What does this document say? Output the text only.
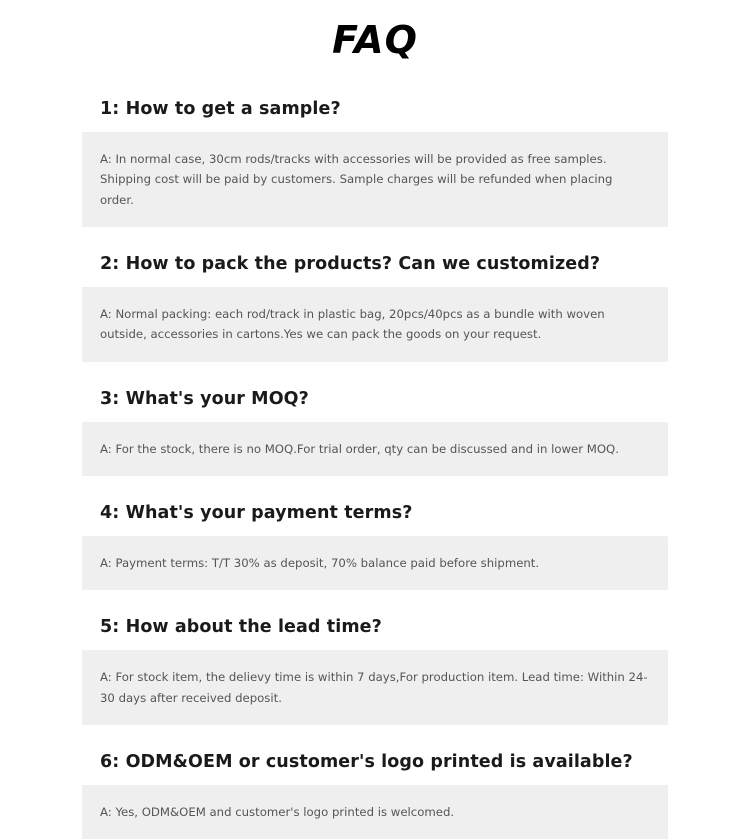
FAQ
1: How to get a sample?

A: In normal case, 30cm rods/tracks with accessories will be provided as free samples. Shipping cost will be paid by customers. Sample charges will be refunded when placing order.

2: How to pack the products? Can we customized?

A: Normal packing: each rod/track in plastic bag, 20pcs/40pcs as a bundle with woven outside, accessories in cartons.Yes we can pack the goods on your request.

3: What's your MOQ?

A: For the stock, there is no MOQ.For trial order, qty can be discussed and in lower MOQ.

4: What's your payment terms?

A: Payment terms: T/T 30% as deposit, 70% balance paid before shipment.

5: How about the lead time?

A: For stock item, the delievy time is within 7 days,For production item. Lead time: Within 24-30 days after received deposit.

6: ODM&OEM or customer's logo printed is available?

A: Yes, ODM&OEM and customer's logo printed is welcomed.
